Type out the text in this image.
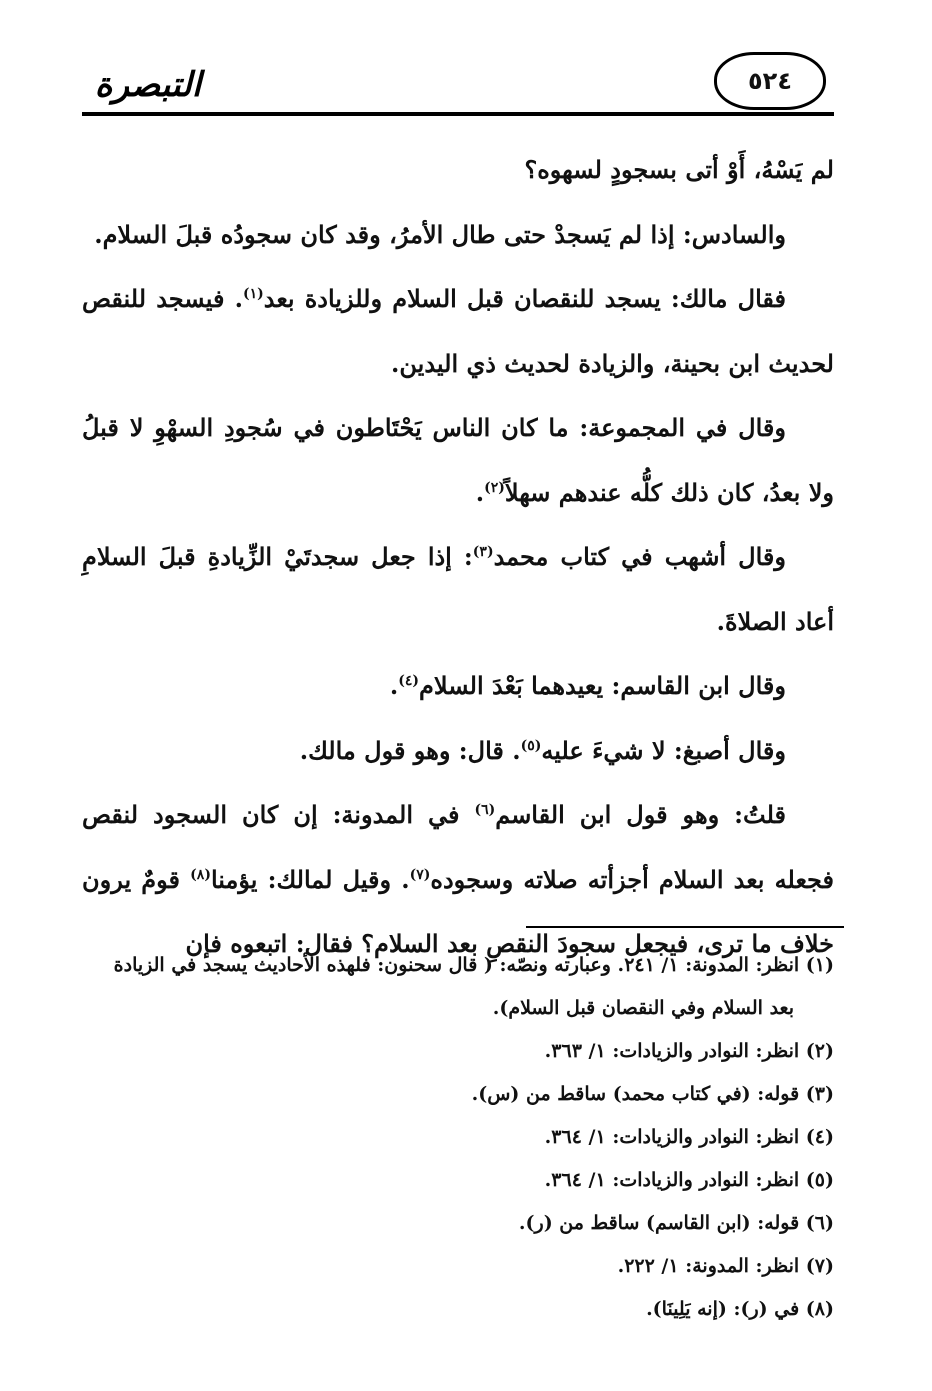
٥٢٤
التبصرة

لم يَسْهُ، أَوْ أتى بسجودٍ لسهوه؟

والسادس: إذا لم يَسجدْ حتى طال الأمرُ، وقد كان سجودُه قبلَ السلام.

فقال مالك: يسجد للنقصان قبل السلام وللزيادة بعد$^{(١)}$. فيسجد للنقص لحديث ابن بحينة، والزيادة لحديث ذي اليدين.

وقال في المجموعة: ما كان الناس يَحْتَاطون في سُجودِ السهْوِ لا قبلُ ولا بعدُ، كان ذلك كلُّه عندهم سهلاً$^{(٢)}$.

وقال أشهب في كتاب محمد$^{(٣)}$: إذا جعل سجدتَيْ الزِّيادةِ قبلَ السلامِ أعاد الصلاةَ.

وقال ابن القاسم: يعيدهما بَعْدَ السلام$^{(٤)}$.

وقال أصبغ: لا شيءَ عليه$^{(٥)}$. قال: وهو قول مالك.

قلتُ: وهو قول ابن القاسم$^{(٦)}$ في المدونة: إن كان السجود لنقص فجعله بعد السلام أجزأته صلاته وسجوده$^{(٧)}$. وقيل لمالك: يؤمنا$^{(٨)}$ قومٌ يرون خلاف ما ترى، فيجعل سجودَ النقصِ بعد السلام؟ فقال: اتبعوه فإن

(١) انظر: المدونة: ١/ ٢٤١. وعبارته ونصّه: ( قال سحنون: فلهذه الأحاديث يسجد في الزيادة

بعد السلام وفي النقصان قبل السلام).

(٢) انظر: النوادر والزيادات: ١/ ٣٦٣.

(٣) قوله: (في كتاب محمد) ساقط من (س).

(٤) انظر: النوادر والزيادات: ١/ ٣٦٤.

(٥) انظر: النوادر والزيادات: ١/ ٣٦٤.

(٦) قوله: (ابن القاسم) ساقط من (ر).

(٧) انظر: المدونة: ١/ ٢٢٢.

(٨) في (ر): (إنه يَلِينَا).
